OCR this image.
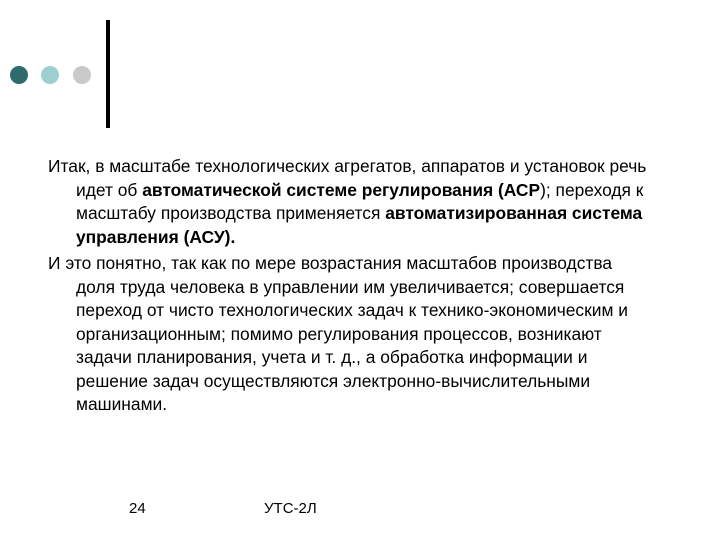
Итак, в масштабе технологических агрегатов, аппаратов и установок речь идет об автоматической системе регулирования (АСР); переходя к масштабу производства применяется автоматизированная система управления (АСУ).

И это понятно, так как по мере возрастания масштабов производства доля труда человека в управлении им увеличивается; совершается переход от чисто технологических задач к технико-экономическим и организационным; помимо регулирования процессов, возникают задачи планирования, учета и т. д., а обработка информации и решение задач осуществляются электронно-вычислительными машинами.

24	УТС-2Л
